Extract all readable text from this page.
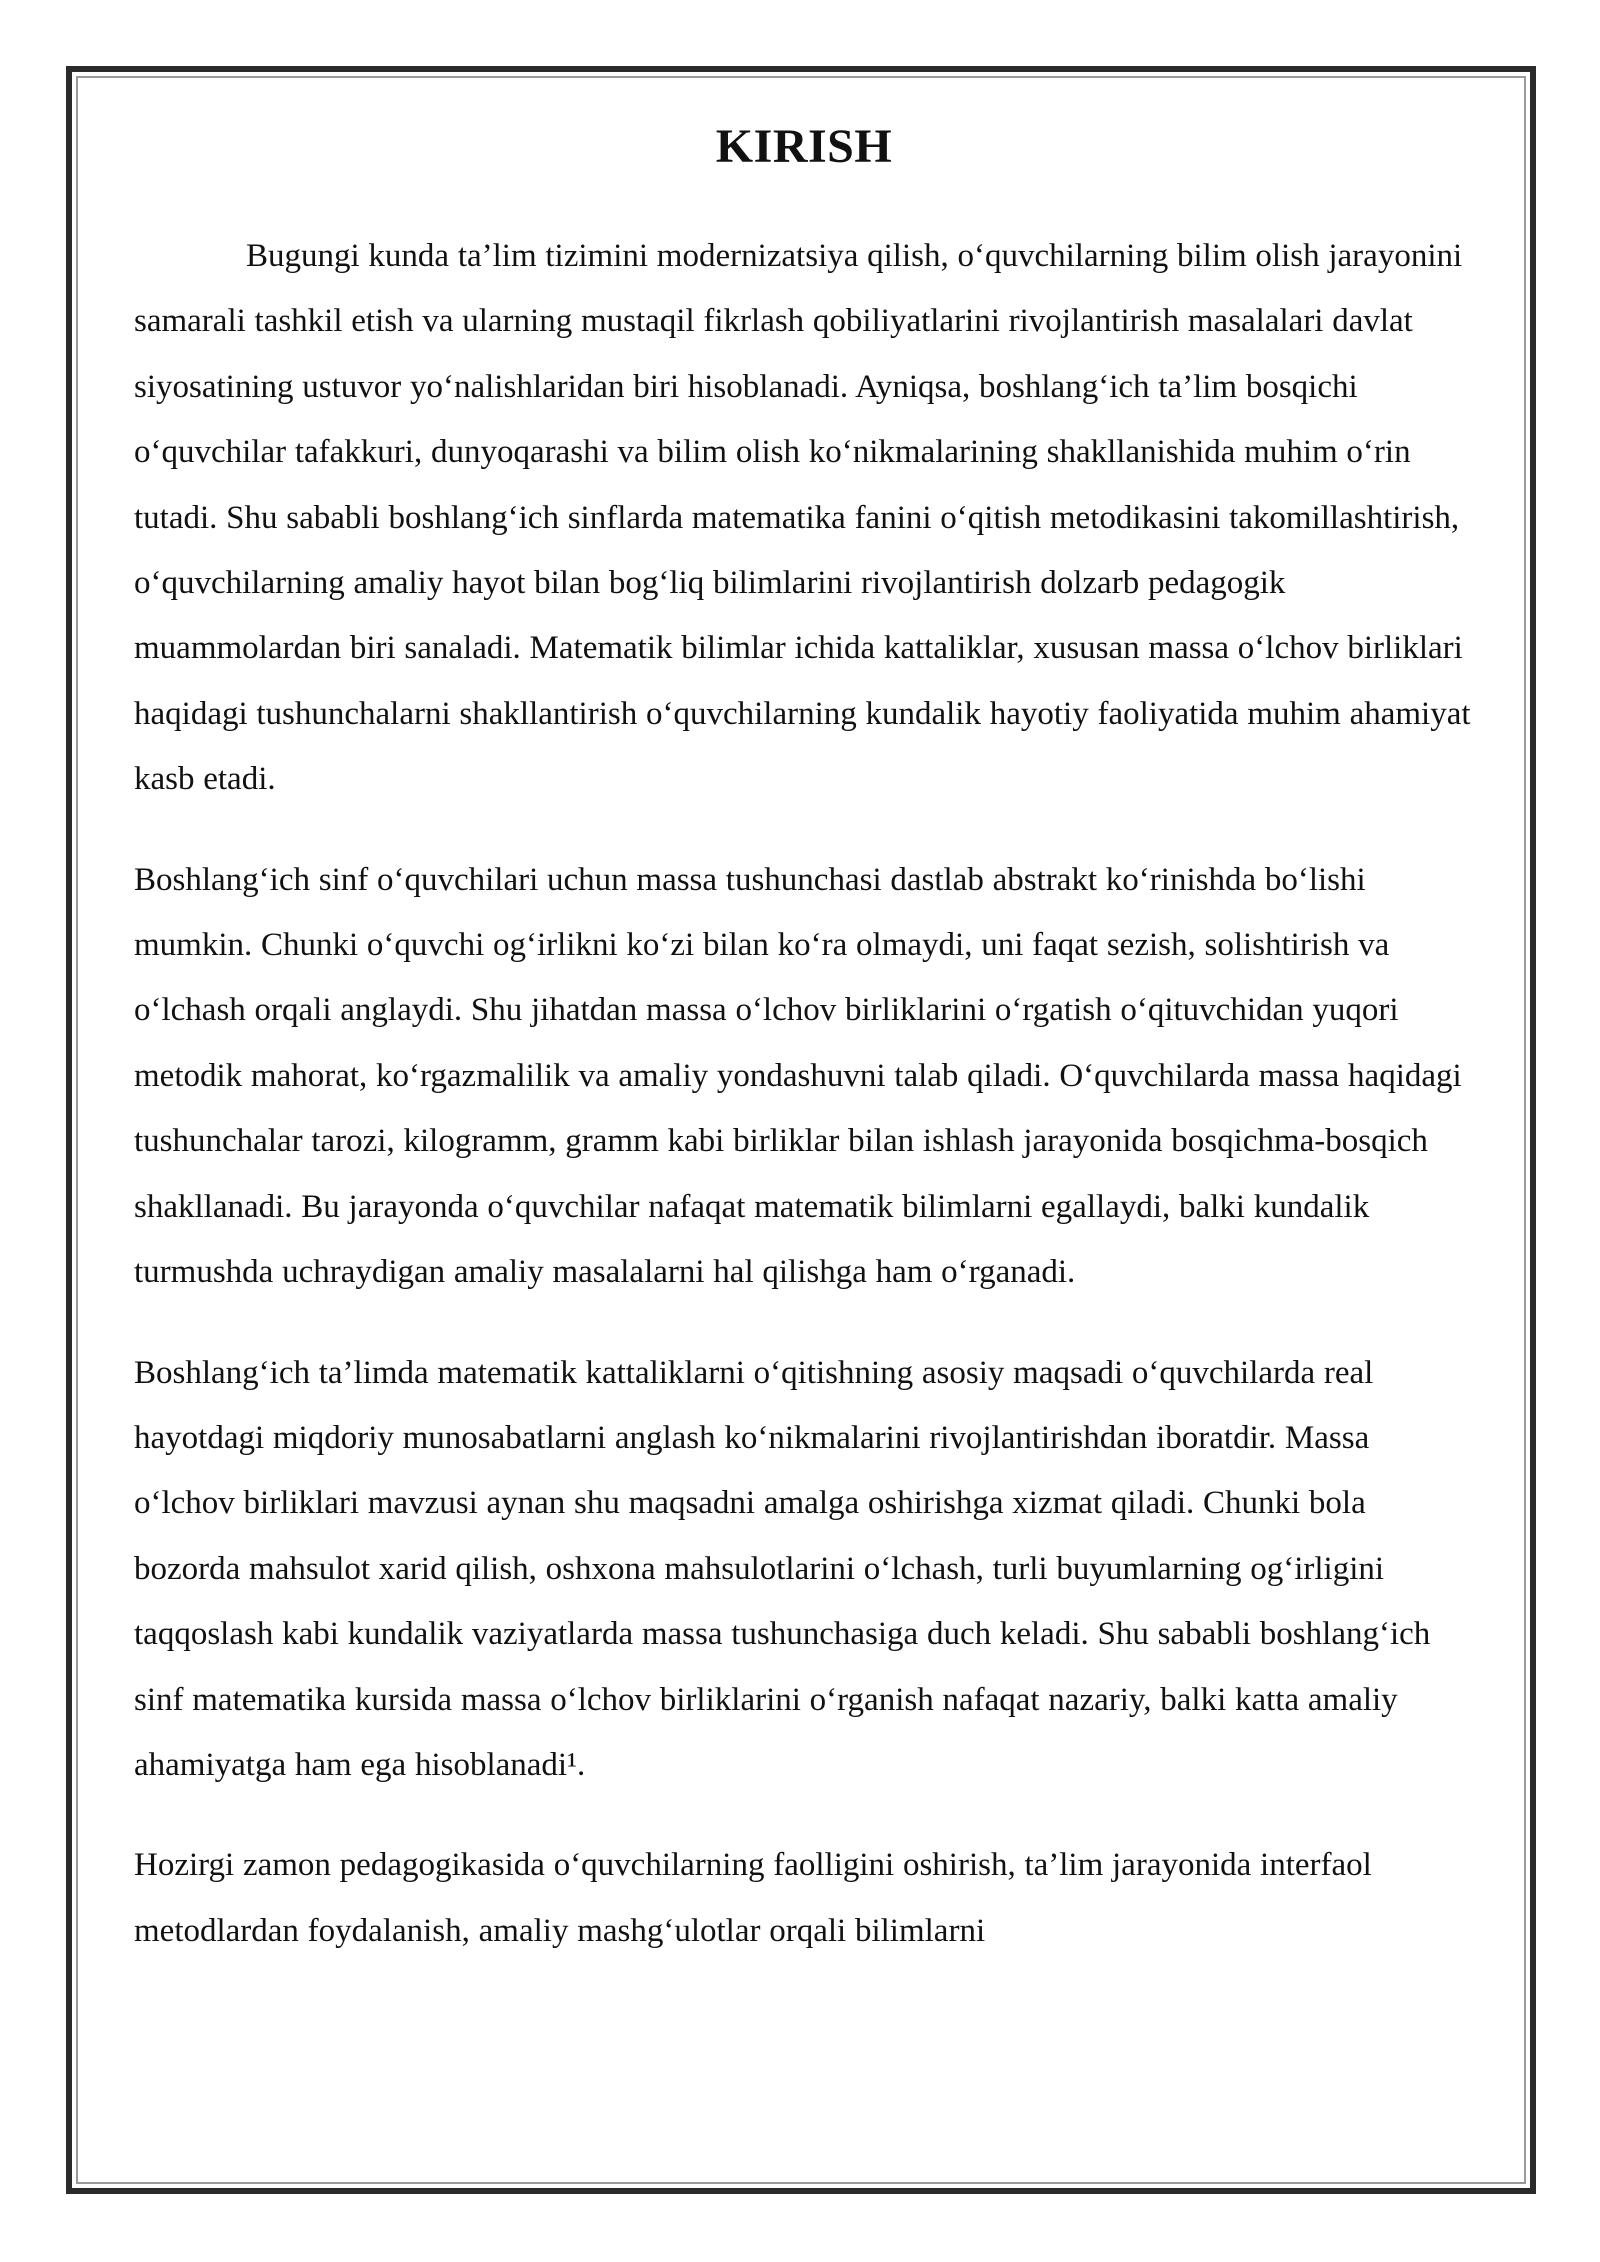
KIRISH

Bugungi kunda ta’lim tizimini modernizatsiya qilish, o‘quvchilarning bilim olish jarayonini samarali tashkil etish va ularning mustaqil fikrlash qobiliyatlarini rivojlantirish masalalari davlat siyosatining ustuvor yo‘nalishlaridan biri hisoblanadi. Ayniqsa, boshlang‘ich ta’lim bosqichi o‘quvchilar tafakkuri, dunyoqarashi va bilim olish ko‘nikmalarining shakllanishida muhim o‘rin tutadi. Shu sababli boshlang‘ich sinflarda matematika fanini o‘qitish metodikasini takomillashtirish, o‘quvchilarning amaliy hayot bilan bog‘liq bilimlarini rivojlantirish dolzarb pedagogik muammolardan biri sanaladi. Matematik bilimlar ichida kattaliklar, xususan massa o‘lchov birliklari haqidagi tushunchalarni shakllantirish o‘quvchilarning kundalik hayotiy faoliyatida muhim ahamiyat kasb etadi.

Boshlang‘ich sinf o‘quvchilari uchun massa tushunchasi dastlab abstrakt ko‘rinishda bo‘lishi mumkin. Chunki o‘quvchi og‘irlikni ko‘zi bilan ko‘ra olmaydi, uni faqat sezish, solishtirish va o‘lchash orqali anglaydi. Shu jihatdan massa o‘lchov birliklarini o‘rgatish o‘qituvchidan yuqori metodik mahorat, ko‘rgazmalilik va amaliy yondashuvni talab qiladi. O‘quvchilarda massa haqidagi tushunchalar tarozi, kilogramm, gramm kabi birliklar bilan ishlash jarayonida bosqichma-bosqich shakllanadi. Bu jarayonda o‘quvchilar nafaqat matematik bilimlarni egallaydi, balki kundalik turmushda uchraydigan amaliy masalalarni hal qilishga ham o‘rganadi.

Boshlang‘ich ta’limda matematik kattaliklarni o‘qitishning asosiy maqsadi o‘quvchilarda real hayotdagi miqdoriy munosabatlarni anglash ko‘nikmalarini rivojlantirishdan iboratdir. Massa o‘lchov birliklari mavzusi aynan shu maqsadni amalga oshirishga xizmat qiladi. Chunki bola bozorda mahsulot xarid qilish, oshxona mahsulotlarini o‘lchash, turli buyumlarning og‘irligini taqqoslash kabi kundalik vaziyatlarda massa tushunchasiga duch keladi. Shu sababli boshlang‘ich sinf matematika kursida massa o‘lchov birliklarini o‘rganish nafaqat nazariy, balki katta amaliy ahamiyatga ham ega hisoblanadi¹.

Hozirgi zamon pedagogikasida o‘quvchilarning faolligini oshirish, ta’lim jarayonida interfaol metodlardan foydalanish, amaliy mashg‘ulotlar orqali bilimlarni
